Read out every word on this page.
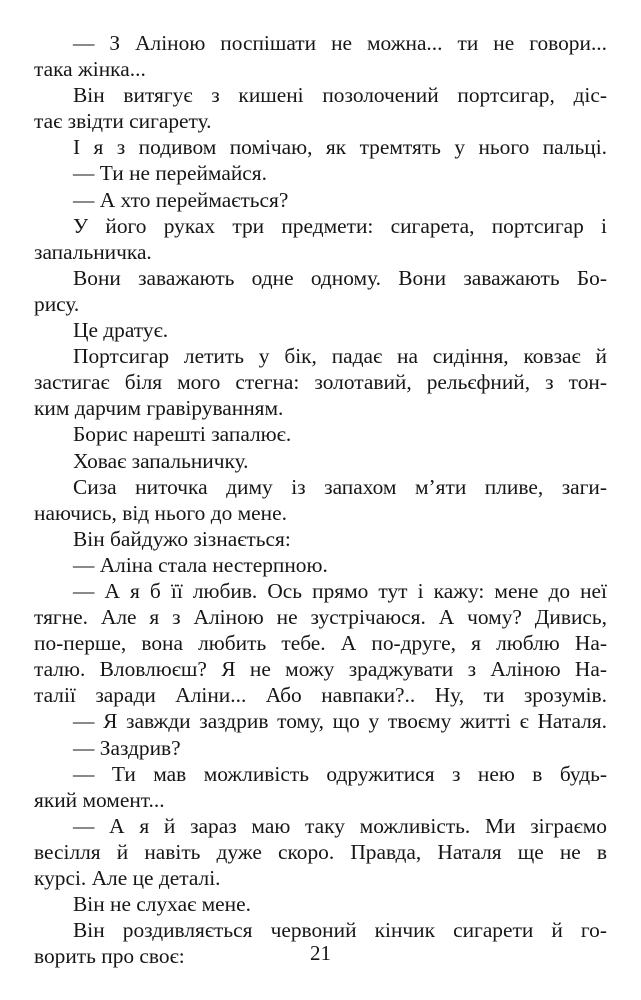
— З Аліною поспішати не можна... ти не говори...
така жінка...
Він витягує з кишені позолочений портсигар, діс-
тає звідти сигарету.
І я з подивом помічаю, як тремтять у нього пальці.
— Ти не переймайся.
— А хто переймається?
У його руках три предмети: сигарета, портсигар і
запальничка.
Вони заважають одне одному. Вони заважають Бо-
рису.
Це дратує.
Портсигар летить у бік, падає на сидіння, ковзає й
застигає біля мого стегна: золотавий, рельєфний, з тон-
ким дарчим гравіруванням.
Борис нарешті запалює.
Ховає запальничку.
Сиза ниточка диму із запахом м’яти пливе, заги-
наючись, від нього до мене.
Він байдужо зізнається:
— Аліна стала нестерпною.
— А я б її любив. Ось прямо тут і кажу: мене до неї
тягне. Але я з Аліною не зустрічаюся. А чому? Дивись,
по-перше, вона любить тебе. А по-друге, я люблю На-
талю. Вловлюєш? Я не можу зраджувати з Аліною На-
талії заради Аліни... Або навпаки?.. Ну, ти зрозумів.
— Я завжди заздрив тому, що у твоєму житті є Наталя.
— Заздрив?
— Ти мав можливість одружитися з нею в будь-
який момент...
— А я й зараз маю таку можливість. Ми зіграємо
весілля й навіть дуже скоро. Правда, Наталя ще не в
курсі. Але це деталі.
Він не слухає мене.
Він роздивляється червоний кінчик сигарети й го-
ворить про своє:	21
